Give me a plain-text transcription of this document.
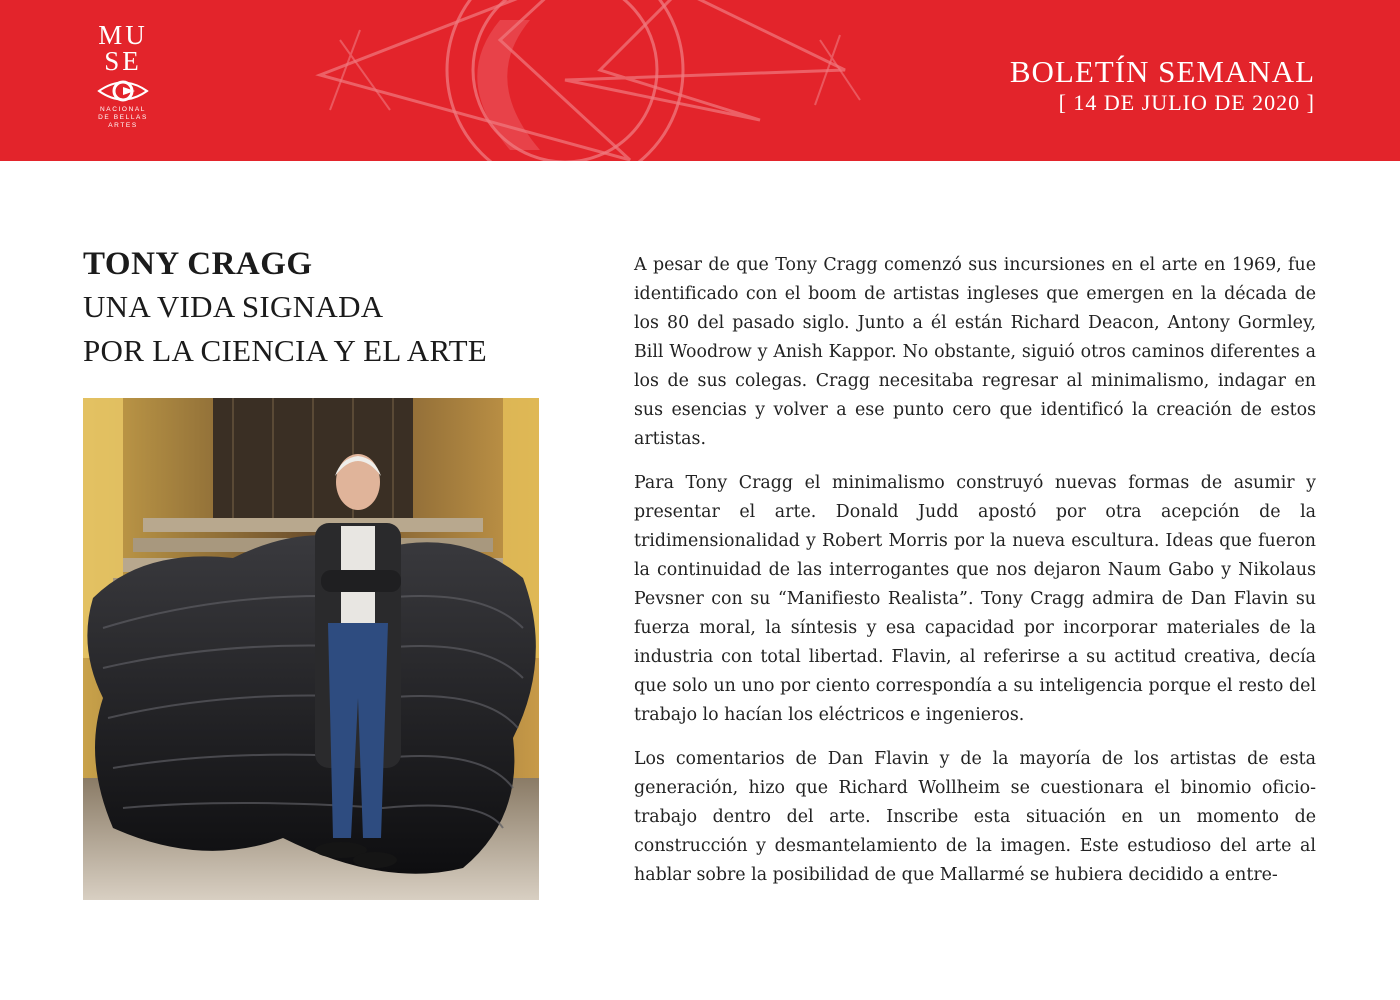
MU
SE
NACIONAL
DE BELLAS
ARTES
BOLETÍN SEMANAL
[ 14 DE JULIO DE 2020 ]
TONY CRAGG
UNA VIDA SIGNADA
POR LA CIENCIA Y EL ARTE

A pesar de que Tony Cragg comenzó sus incursiones en el arte en 1969, fue identificado con el boom de artistas ingleses que emergen en la década de los 80 del pasado siglo. Junto a él están Richard Deacon, Antony Gormley, Bill Woodrow y Anish Kappor. No obstante, siguió otros caminos diferentes a los de sus colegas. Cragg necesitaba regresar al minimalismo, indagar en sus esencias y volver a ese punto cero que identificó la creación de estos artistas.

Para Tony Cragg el minimalismo construyó nuevas formas de asumir y presentar el arte. Donald Judd apostó por otra acepción de la tridimensionalidad y Robert Morris por la nueva escultura. Ideas que fueron la continuidad de las interrogantes que nos dejaron Naum Gabo y Nikolaus Pevsner con su “Manifiesto Realista”. Tony Cragg admira de Dan Flavin su fuerza moral, la síntesis y esa capacidad por incorporar materiales de la industria con total libertad. Flavin, al referirse a su actitud creativa, decía que solo un uno por ciento correspondía a su inteligencia porque el resto del trabajo lo hacían los eléctricos e ingenieros.

Los comentarios de Dan Flavin y de la mayoría de los artistas de esta generación, hizo que Richard Wollheim se cuestionara el binomio oficio-trabajo dentro del arte. Inscribe esta situación en un momento de construcción y desmantelamiento de la imagen. Este estudioso del arte al hablar sobre la posibilidad de que Mallarmé se hubiera decidido a entre-
